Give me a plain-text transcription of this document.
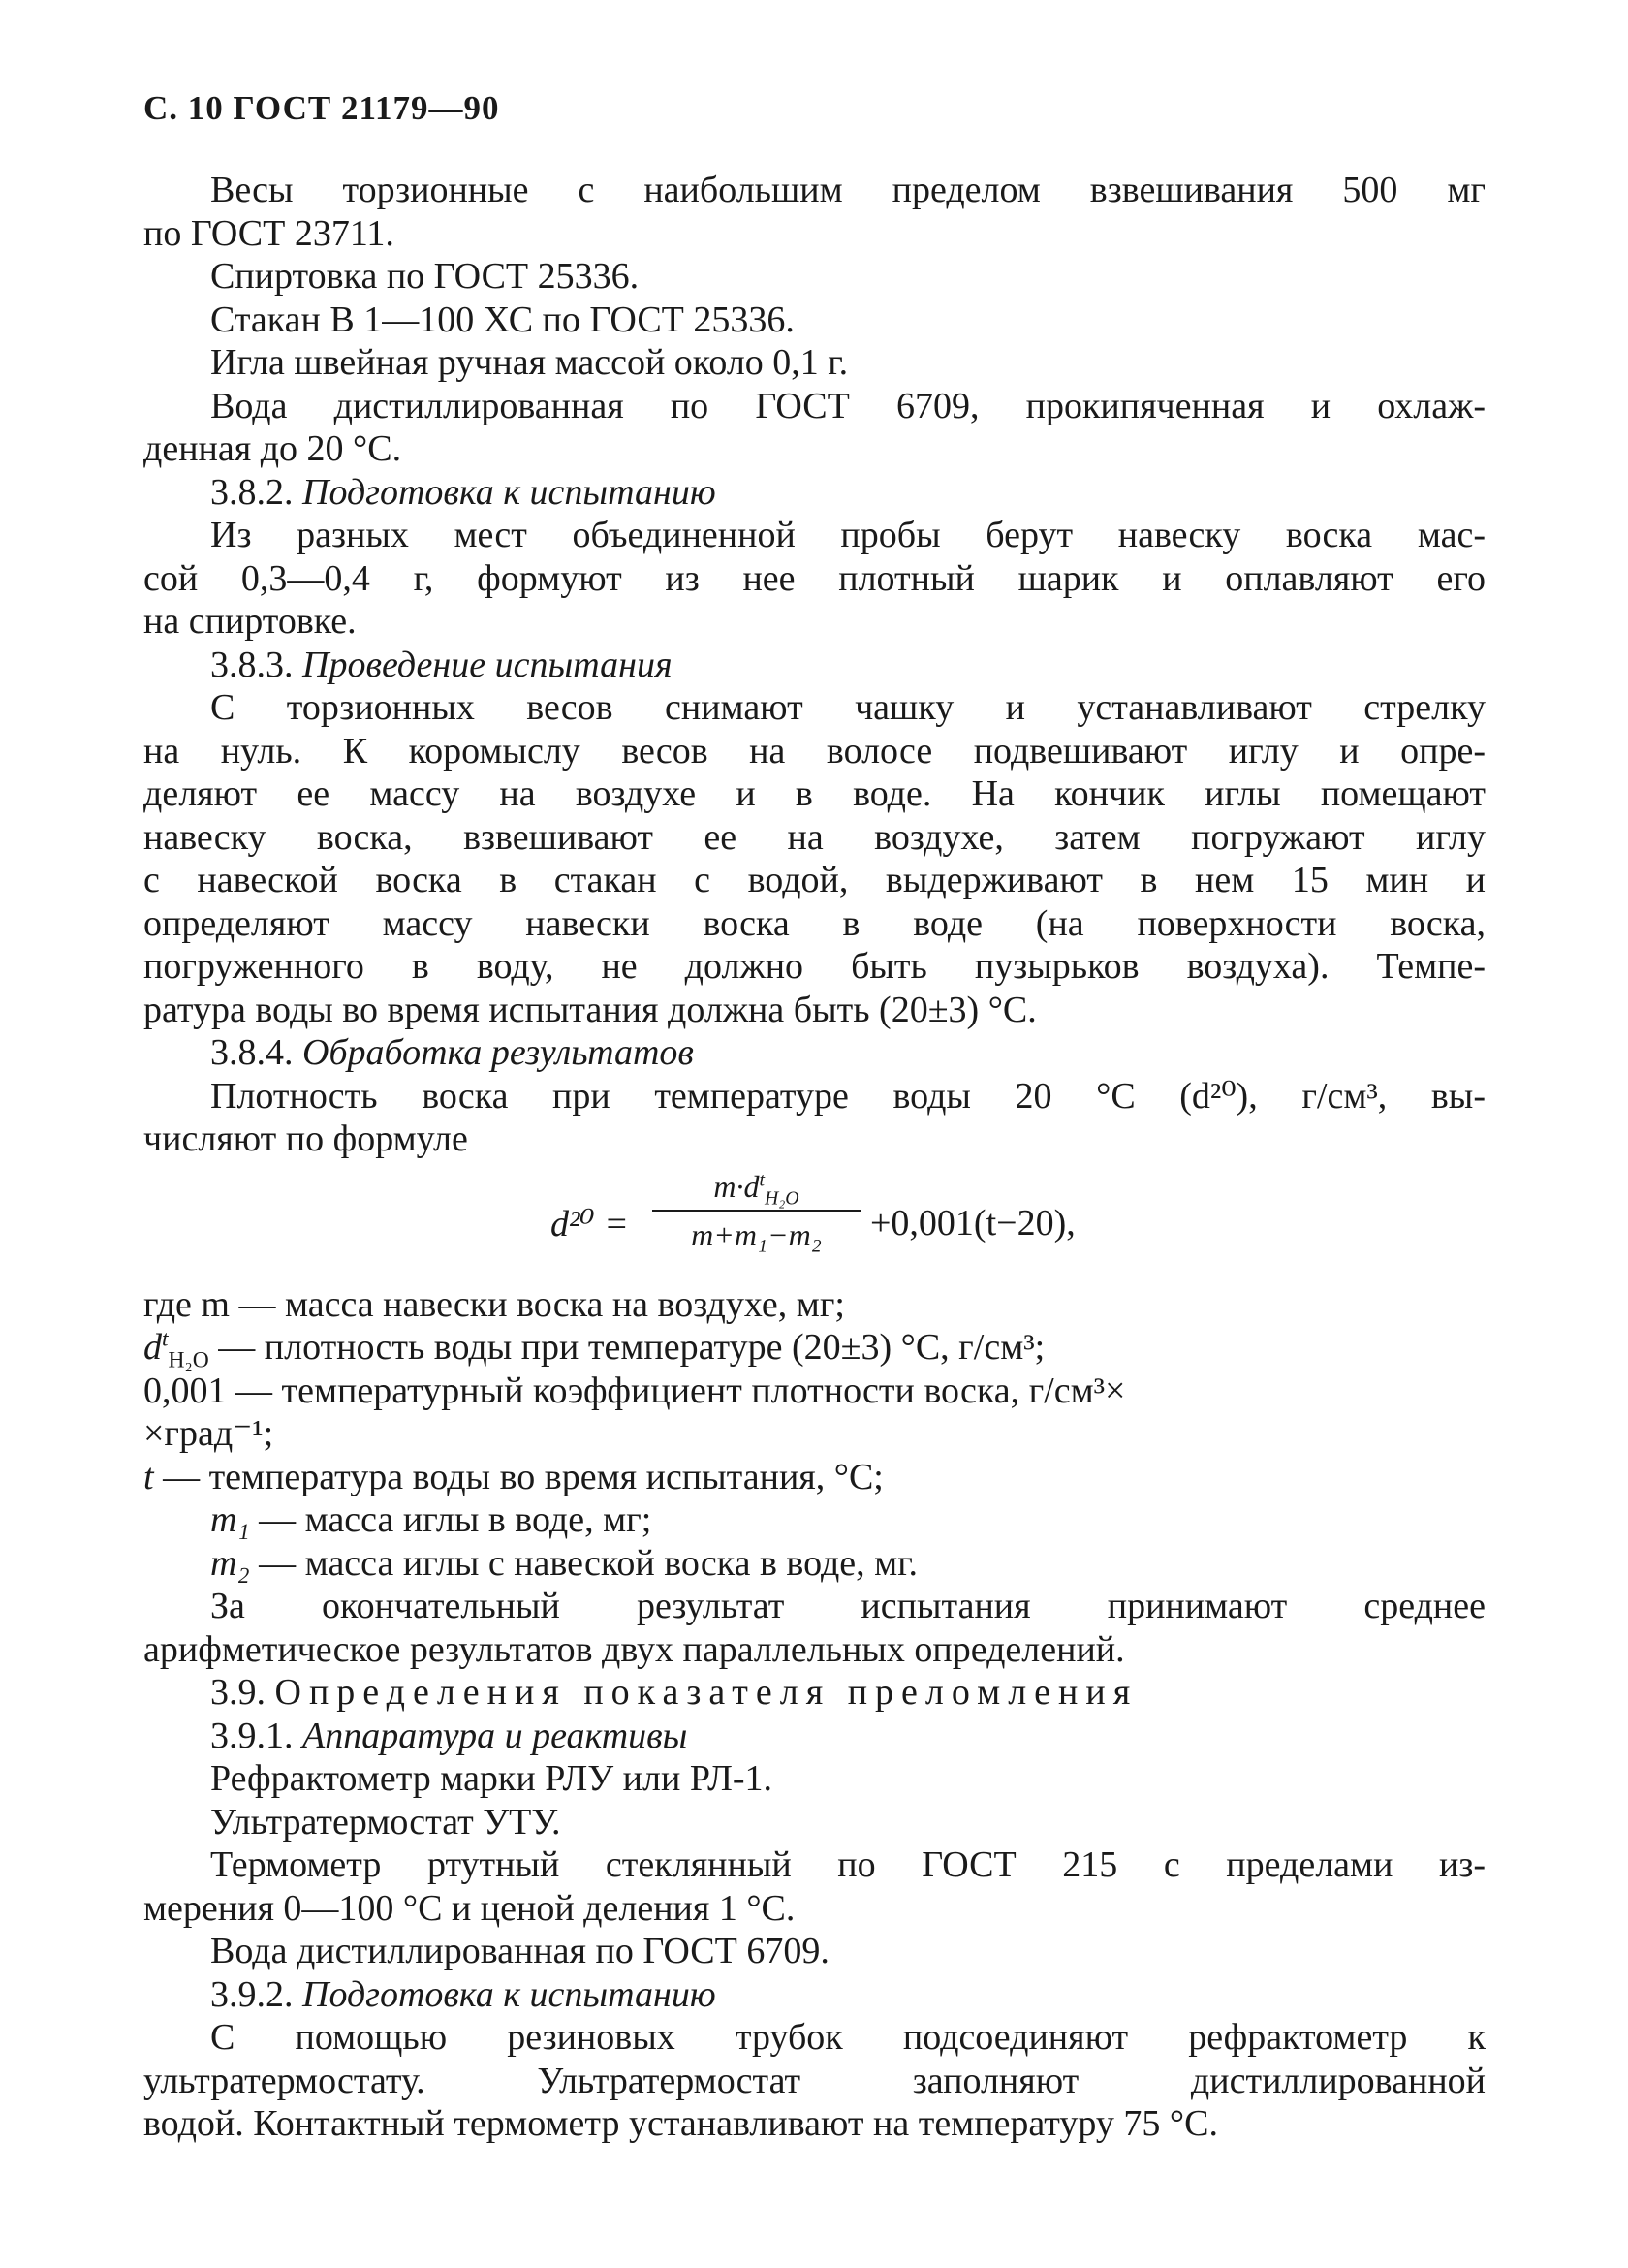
С. 10 ГОСТ 21179—90

Весы торзионные с наибольшим пределом взвешивания 500 мг

по ГОСТ 23711.

Спиртовка по ГОСТ 25336.

Стакан В 1—100 ХС по ГОСТ 25336.

Игла швейная ручная массой около 0,1 г.

Вода дистиллированная по ГОСТ 6709, прокипяченная и охлаж-

денная до 20 °С.

3.8.2. Подготовка к испытанию

Из разных мест объединенной пробы берут навеску воска мас-

сой 0,3—0,4 г, формуют из нее плотный шарик и оплавляют его

на спиртовке.

3.8.3. Проведение испытания

С торзионных весов снимают чашку и устанавливают стрелку

на нуль. К коромыслу весов на волосе подвешивают иглу и опре-

деляют ее массу на воздухе и в воде. На кончик иглы помещают

навеску воска, взвешивают ее на воздухе, затем погружают иглу

с навеской воска в стакан с водой, выдерживают в нем 15 мин и

определяют массу навески воска в воде (на поверхности воска,

погруженного в воду, не должно быть пузырьков воздуха). Темпе-

ратура воды во время испытания должна быть (20±3) °С.

3.8.4. Обработка результатов

Плотность воска при температуре воды 20 °С (d²⁰), г/см³, вы-

числяют по формуле

d²⁰ =
$m\cdot d^t_{H_2O}$
m+m₁−m₂	+0,001(t−20),

где m — масса навески воска на воздухе, мг;

$d^t_{H_2O}$ — плотность воды при температуре (20±3) °С, г/см³;

0,001 — температурный коэффициент плотности воска, г/см³×

×град⁻¹;

t — температура воды во время испытания, °С;

m₁ — масса иглы в воде, мг;

m₂ — масса иглы с навеской воска в воде, мг.

За окончательный результат испытания принимают среднее

арифметическое результатов двух параллельных определений.

3.9. Определения показателя преломления

3.9.1. Аппаратура и реактивы

Рефрактометр марки РЛУ или РЛ-1.

Ультратермостат УТУ.

Термометр ртутный стеклянный по ГОСТ 215 с пределами из-

мерения 0—100 °С и ценой деления 1 °С.

Вода дистиллированная по ГОСТ 6709.

3.9.2. Подготовка к испытанию

С помощью резиновых трубок подсоединяют рефрактометр к

ультратермостату. Ультратермостат заполняют дистиллированной

водой. Контактный термометр устанавливают на температуру 75 °С.
